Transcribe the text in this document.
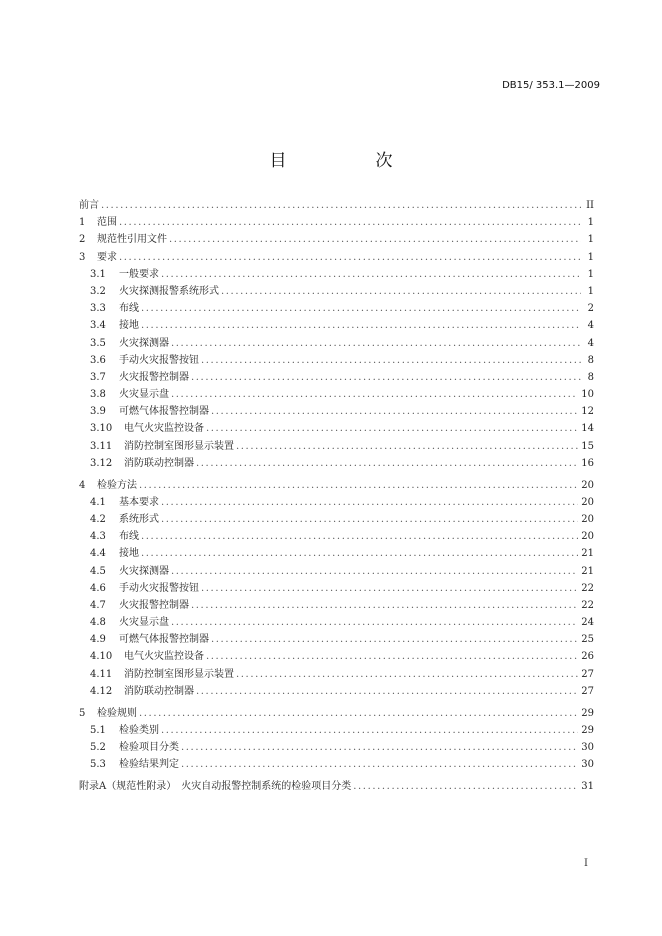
DB15/ 353.1—2009
目　次
前言 .....	II
1	范围 .....	1
2	规范性引用文件 .....	1
3	要求 .....	1
3.1	一般要求 .....	1
3.2	火灾探测报警系统形式 .....	1
3.3	布线 .....	2
3.4	接地 .....	4
3.5	火灾探测器 .....	4
3.6	手动火灾报警按钮 .....	8
3.7	火灾报警控制器 .....	8
3.8	火灾显示盘 .....	10
3.9	可燃气体报警控制器 .....	12
3.10	电气火灾监控设备 .....	14
3.11	消防控制室图形显示装置 .....	15
3.12	消防联动控制器 .....	16
4	检验方法 .....	20
4.1	基本要求 .....	20
4.2	系统形式 .....	20
4.3	布线 .....	20
4.4	接地 .....	21
4.5	火灾探测器 .....	21
4.6	手动火灾报警按钮 .....	22
4.7	火灾报警控制器 .....	22
4.8	火灾显示盘 .....	24
4.9	可燃气体报警控制器 .....	25
4.10	电气火灾监控设备 .....	26
4.11	消防控制室图形显示装置 .....	27
4.12	消防联动控制器 .....	27
5	检验规则 .....	29
5.1	检验类别 .....	29
5.2	检验项目分类 .....	30
5.3	检验结果判定 .....	30
附录A（规范性附录）　火灾自动报警控制系统的检验项目分类 .....	31
I
